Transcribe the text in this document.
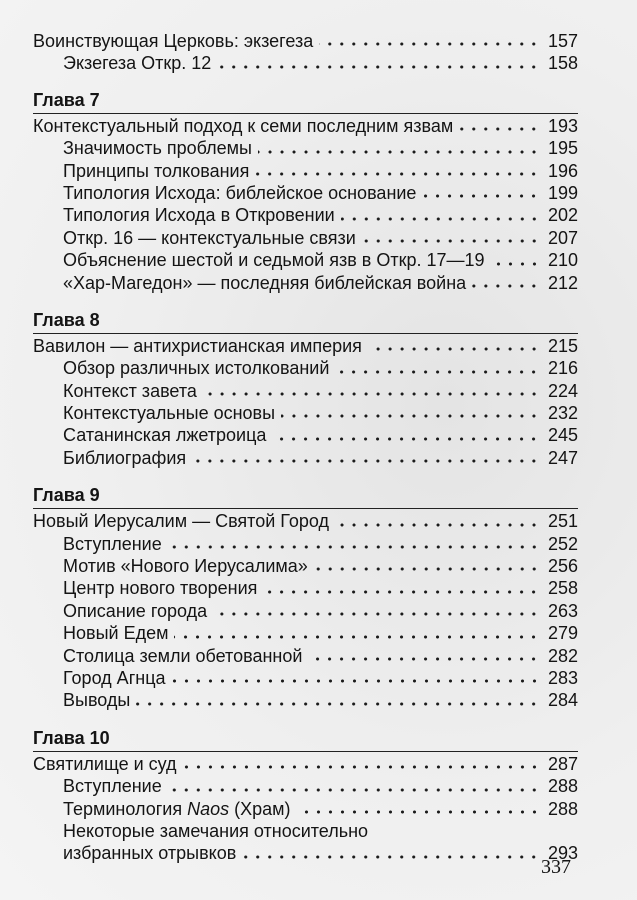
Воинствующая Церковь: экзегеза	157
Экзегеза Откр. 12	158
Глава 7
Контекстуальный подход к семи последним язвам	193
Значимость проблемы	195
Принципы толкования	196
Типология Исхода: библейское основание	199
Типология Исхода в Откровении	202
Откр. 16 — контекстуальные связи	207
Объяснение шестой и седьмой язв в Откр. 17—19	210
«Хар-Магедон» — последняя библейская война	212
Глава 8
Вавилон — антихристианская империя	215
Обзор различных истолкований	216
Контекст завета	224
Контекстуальные основы	232
Сатанинская лжетроица	245
Библиография	247
Глава 9
Новый Иерусалим — Святой Город	251
Вступление	252
Мотив «Нового Иерусалима»	256
Центр нового творения	258
Описание города	263
Новый Едем	279
Столица земли обетованной	282
Город Агнца	283
Выводы	284
Глава 10
Святилище и суд	287
Вступление	288
Терминология Naos (Храм)	288
Некоторые замечания относительно
избранных отрывков	293
337
